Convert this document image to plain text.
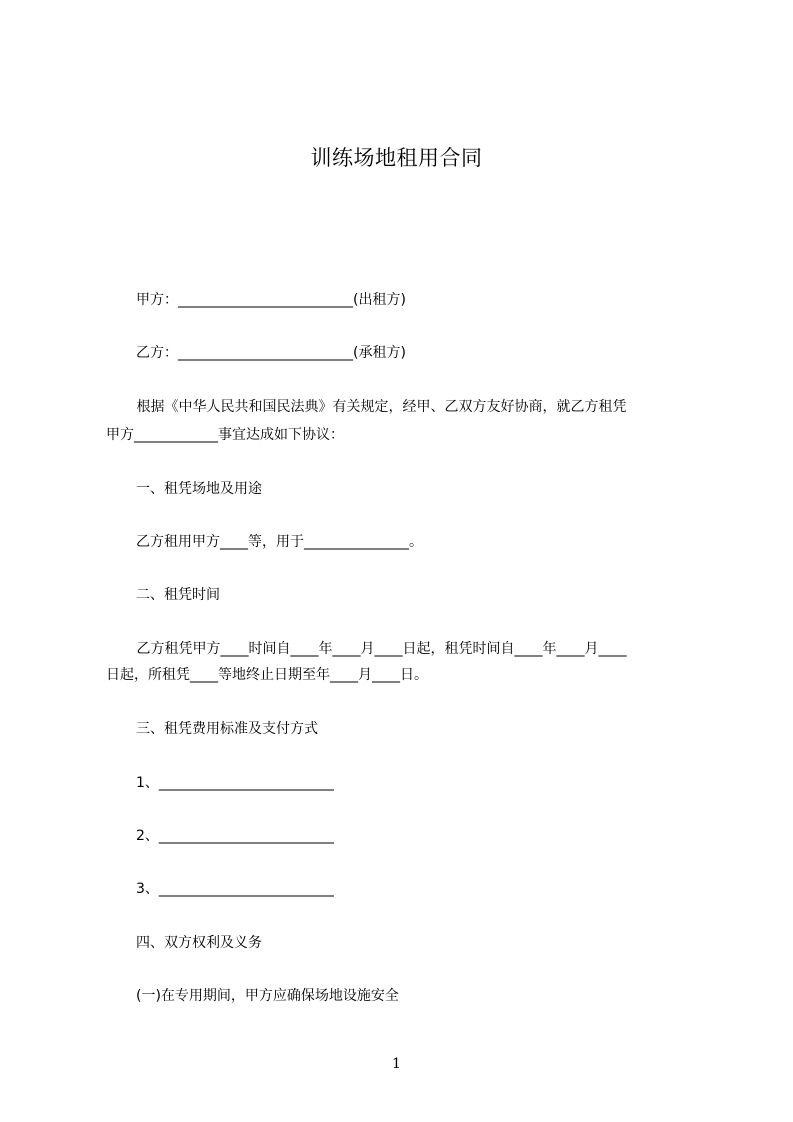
训练场地租用合同
甲方：_________________________(出租方)
乙方：_________________________(承租方)
根据《中华人民共和国民法典》有关规定，经甲、乙双方友好协商，就乙方租凭
甲方____________事宜达成如下协议：
一、租凭场地及用途
乙方租用甲方____等，用于_______________。
二、租凭时间
乙方租凭甲方____时间自____年____月____日起，租凭时间自____年____月____
日起，所租凭____等地终止日期至年____月____日。
三、租凭费用标准及支付方式
1、_________________________
2、_________________________
3、_________________________
四、双方权利及义务
(一)在专用期间，甲方应确保场地设施安全
1
